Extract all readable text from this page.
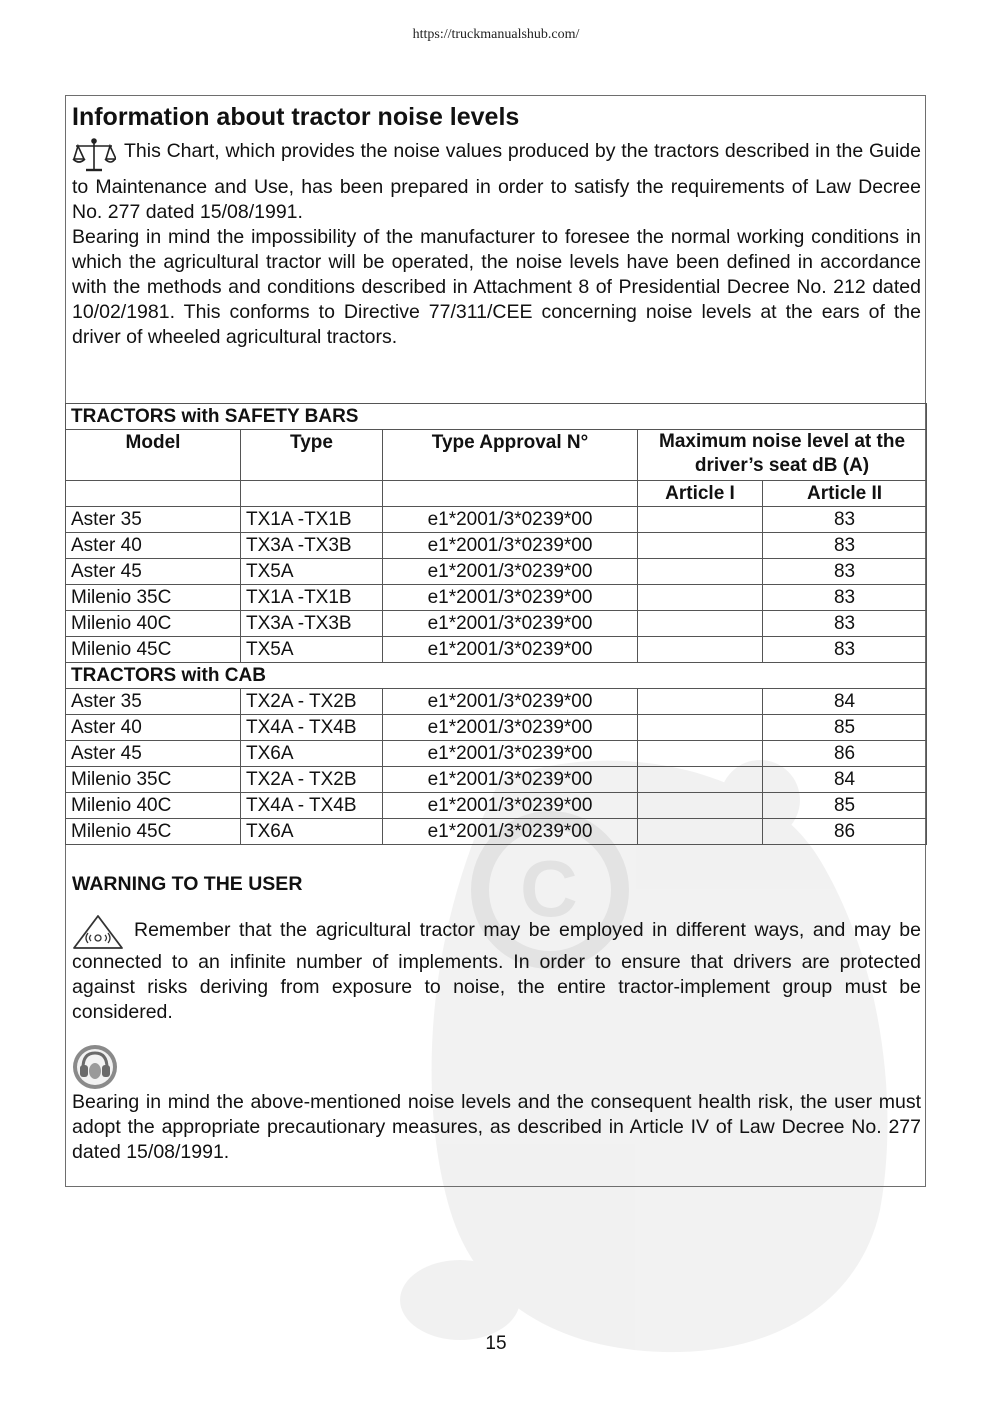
C
https://truckmanualshub.com/
Information about tractor noise levels

This Chart, which provides the noise values produced by the tractors described in the Guide to Maintenance and Use, has been prepared in order to satisfy the requirements of Law Decree No. 277 dated 15/08/1991.

Bearing in mind the impossibility of the manufacturer to foresee the normal working conditions in which the agricultural tractor will be operated, the noise levels have been defined in accordance with the methods and conditions described in Attachment 8 of Presidential Decree No. 212 dated 10/02/1981. This conforms to Directive 77/311/CEE concerning noise levels at the ears of the driver of wheeled agricultural tractors.

TRACTORS with SAFETY BARS				
Model	Type	Type Approval N°	Maximum noise level at the driver’s seat dB (A)	
			Article I	Article II
Aster 35	TX1A -TX1B	e1*2001/3*0239*00		83
Aster 40	TX3A -TX3B	e1*2001/3*0239*00		83
Aster 45	TX5A	e1*2001/3*0239*00		83
Milenio 35C	TX1A -TX1B	e1*2001/3*0239*00		83
Milenio 40C	TX3A -TX3B	e1*2001/3*0239*00		83
Milenio 45C	TX5A	e1*2001/3*0239*00		83
TRACTORS with CAB				
Aster 35	TX2A - TX2B	e1*2001/3*0239*00		84
Aster 40	TX4A - TX4B	e1*2001/3*0239*00		85
Aster 45	TX6A	e1*2001/3*0239*00		86
Milenio 35C	TX2A - TX2B	e1*2001/3*0239*00		84
Milenio 40C	TX4A - TX4B	e1*2001/3*0239*00		85
Milenio 45C	TX6A	e1*2001/3*0239*00		86
WARNING TO THE USER

Remember that the agricultural tractor may be employed in different ways, and may be connected to an infinite number of implements. In order to ensure that drivers are protected against risks deriving from exposure to noise, the entire tractor-implement group must be considered.

Bearing in mind the above-mentioned noise levels and the consequent health risk, the user must adopt the appropriate precautionary measures, as described in Article IV of Law Decree No. 277 dated 15/08/1991.

15
